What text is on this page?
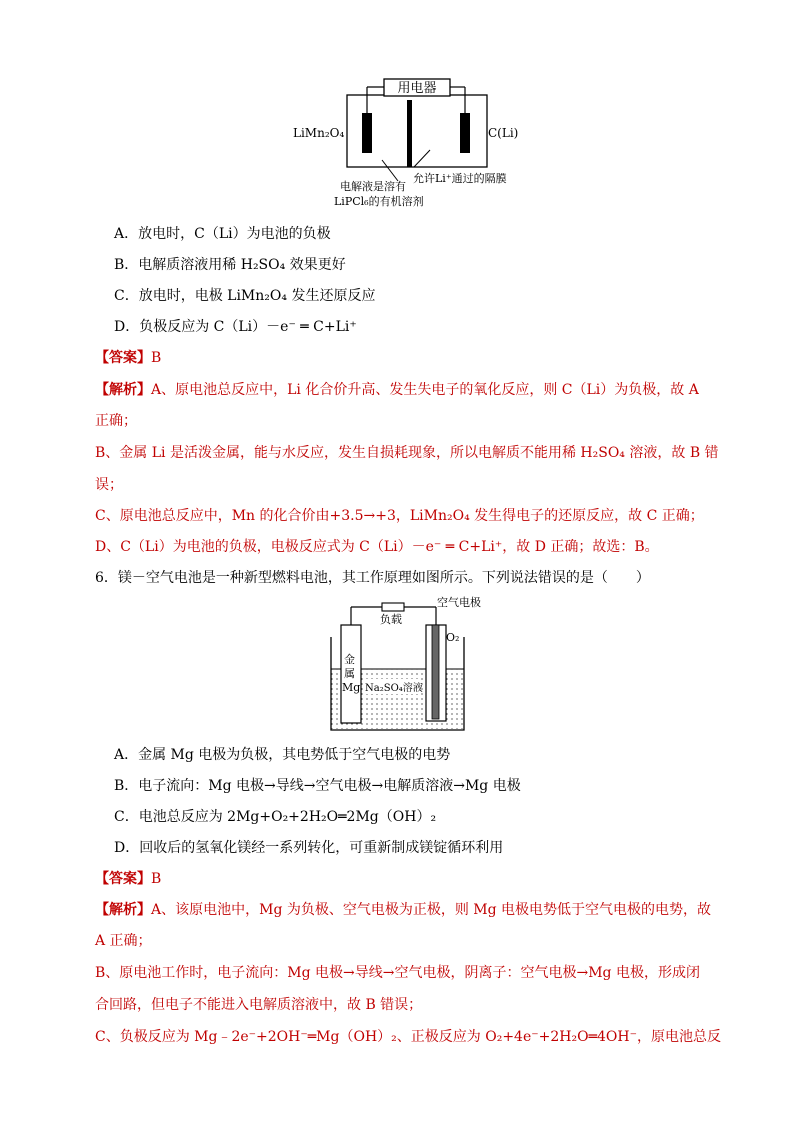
用电器
LiMn₂O₄	C(Li)
允许Li⁺通过的隔膜
电解液是溶有
LiPCl₆的有机溶剂
A．放电时，C（Li）为电池的负极
B．电解质溶液用稀 H₂SO₄ 效果更好
C．放电时，电极 LiMn₂O₄ 发生还原反应
D．负极反应为 C（Li）－e⁻ ═ C+Li⁺
【答案】B
【解析】A、原电池总反应中，Li 化合价升高、发生失电子的氧化反应，则 C（Li）为负极，故 A
正确；
B、金属 Li 是活泼金属，能与水反应，发生自损耗现象，所以电解质不能用稀 H₂SO₄ 溶液，故 B 错
误；
C、原电池总反应中，Mn 的化合价由+3.5→+3，LiMn₂O₄ 发生得电子的还原反应，故 C 正确；
D、C（Li）为电池的负极，电极反应式为 C（Li）－e⁻ ═ C+Li⁺，故 D 正确；故选：B。
6．镁－空气电池是一种新型燃料电池，其工作原理如图所示。下列说法错误的是（　　）
金
属
Mg
负载
空气电极
O₂
Na₂SO₄溶液
A．金属 Mg 电极为负极，其电势低于空气电极的电势
B．电子流向：Mg 电极→导线→空气电极→电解质溶液→Mg 电极
C．电池总反应为 2Mg+O₂+2H₂O═2Mg（OH）₂
D．回收后的氢氧化镁经一系列转化，可重新制成镁锭循环利用
【答案】B
【解析】A、该原电池中，Mg 为负极、空气电极为正极，则 Mg 电极电势低于空气电极的电势，故
A 正确；
B、原电池工作时，电子流向：Mg 电极→导线→空气电极，阴离子：空气电极→Mg 电极，形成闭
合回路，但电子不能进入电解质溶液中，故 B 错误；
C、负极反应为 Mg﹣2e⁻+2OH⁻═Mg（OH）₂、正极反应为 O₂+4e⁻+2H₂O═4OH⁻，原电池总反
